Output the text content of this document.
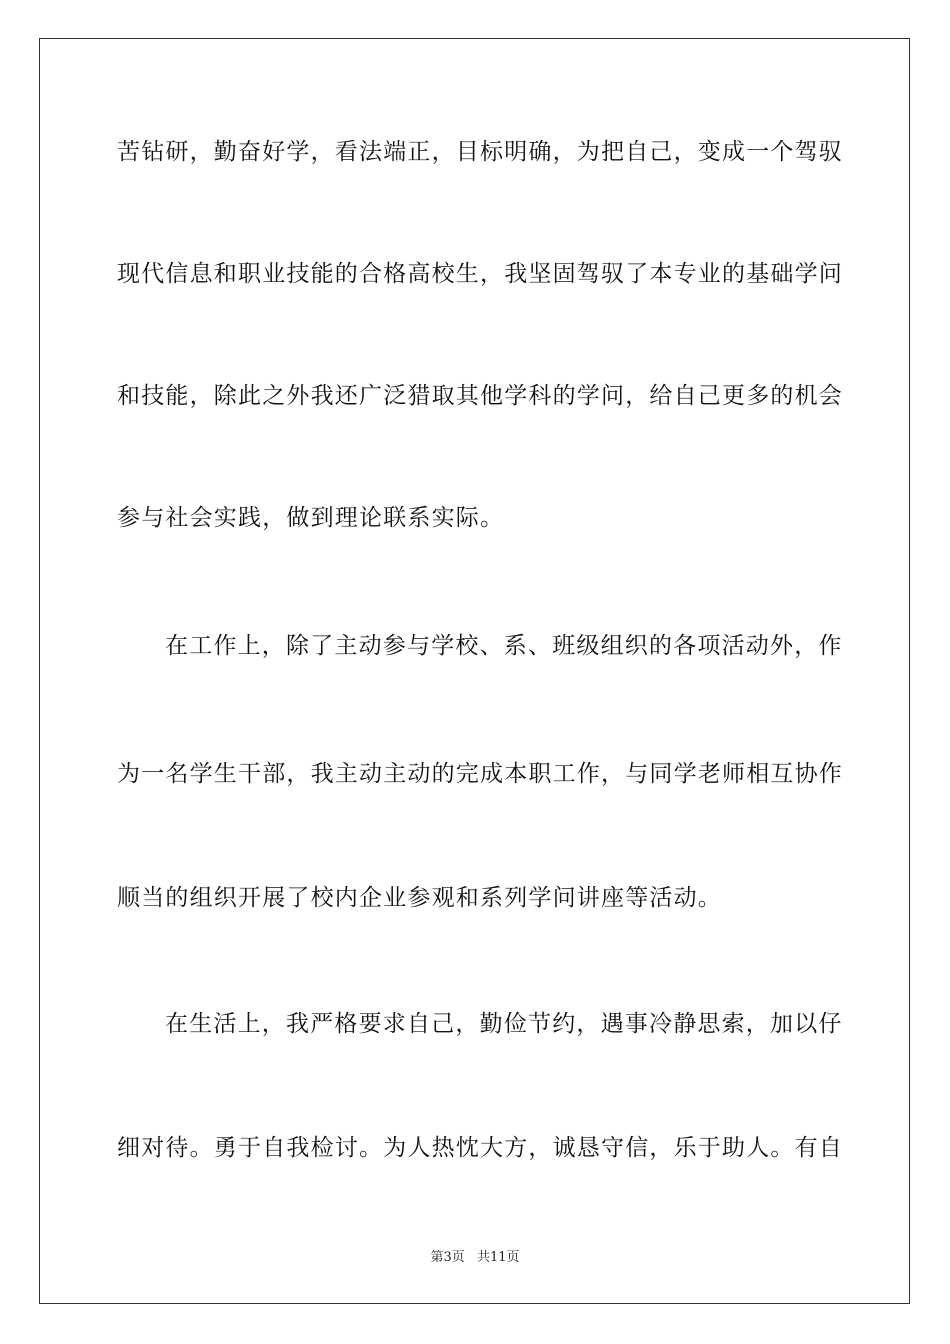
苦钻研，勤奋好学，看法端正，目标明确，为把自己，变成一个驾驭
现代信息和职业技能的合格高校生，我坚固驾驭了本专业的基础学问
和技能，除此之外我还广泛猎取其他学科的学问，给自己更多的机会
参与社会实践，做到理论联系实际。
在工作上，除了主动参与学校、系、班级组织的各项活动外，作
为一名学生干部，我主动主动的完成本职工作，与同学老师相互协作
顺当的组织开展了校内企业参观和系列学问讲座等活动。
在生活上，我严格要求自己，勤俭节约，遇事冷静思索，加以仔
细对待。勇于自我检讨。为人热忱大方，诚恳守信，乐于助人。有自
第3页 共11页
